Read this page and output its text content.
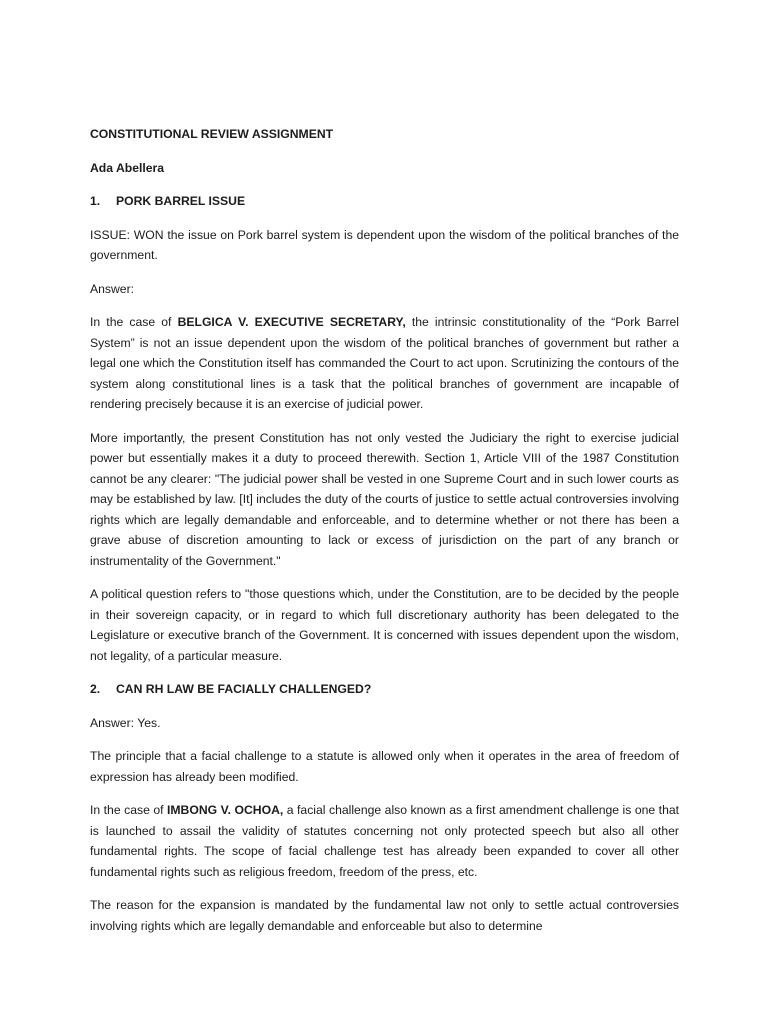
CONSTITUTIONAL REVIEW ASSIGNMENT
Ada Abellera
1.	PORK BARREL ISSUE

ISSUE: WON the issue on Pork barrel system is dependent upon the wisdom of the political branches of the government.

Answer:

In the case of BELGICA V. EXECUTIVE SECRETARY, the intrinsic constitutionality of the “Pork Barrel System” is not an issue dependent upon the wisdom of the political branches of government but rather a legal one which the Constitution itself has commanded the Court to act upon. Scrutinizing the contours of the system along constitutional lines is a task that the political branches of government are incapable of rendering precisely because it is an exercise of judicial power.

More importantly, the present Constitution has not only vested the Judiciary the right to exercise judicial power but essentially makes it a duty to proceed therewith. Section 1, Article VIII of the 1987 Constitution cannot be any clearer: "The judicial power shall be vested in one Supreme Court and in such lower courts as may be established by law. [It] includes the duty of the courts of justice to settle actual controversies involving rights which are legally demandable and enforceable, and to determine whether or not there has been a grave abuse of discretion amounting to lack or excess of jurisdiction on the part of any branch or instrumentality of the Government."

A political question refers to "those questions which, under the Constitution, are to be decided by the people in their sovereign capacity, or in regard to which full discretionary authority has been delegated to the Legislature or executive branch of the Government. It is concerned with issues dependent upon the wisdom, not legality, of a particular measure.

2.	CAN RH LAW BE FACIALLY CHALLENGED?

Answer: Yes.

The principle that a facial challenge to a statute is allowed only when it operates in the area of freedom of expression has already been modified.

In the case of IMBONG V. OCHOA, a facial challenge also known as a first amendment challenge is one that is launched to assail the validity of statutes concerning not only protected speech but also all other fundamental rights. The scope of facial challenge test has already been expanded to cover all other fundamental rights such as religious freedom, freedom of the press, etc.

The reason for the expansion is mandated by the fundamental law not only to settle actual controversies involving rights which are legally demandable and enforceable but also to determine
